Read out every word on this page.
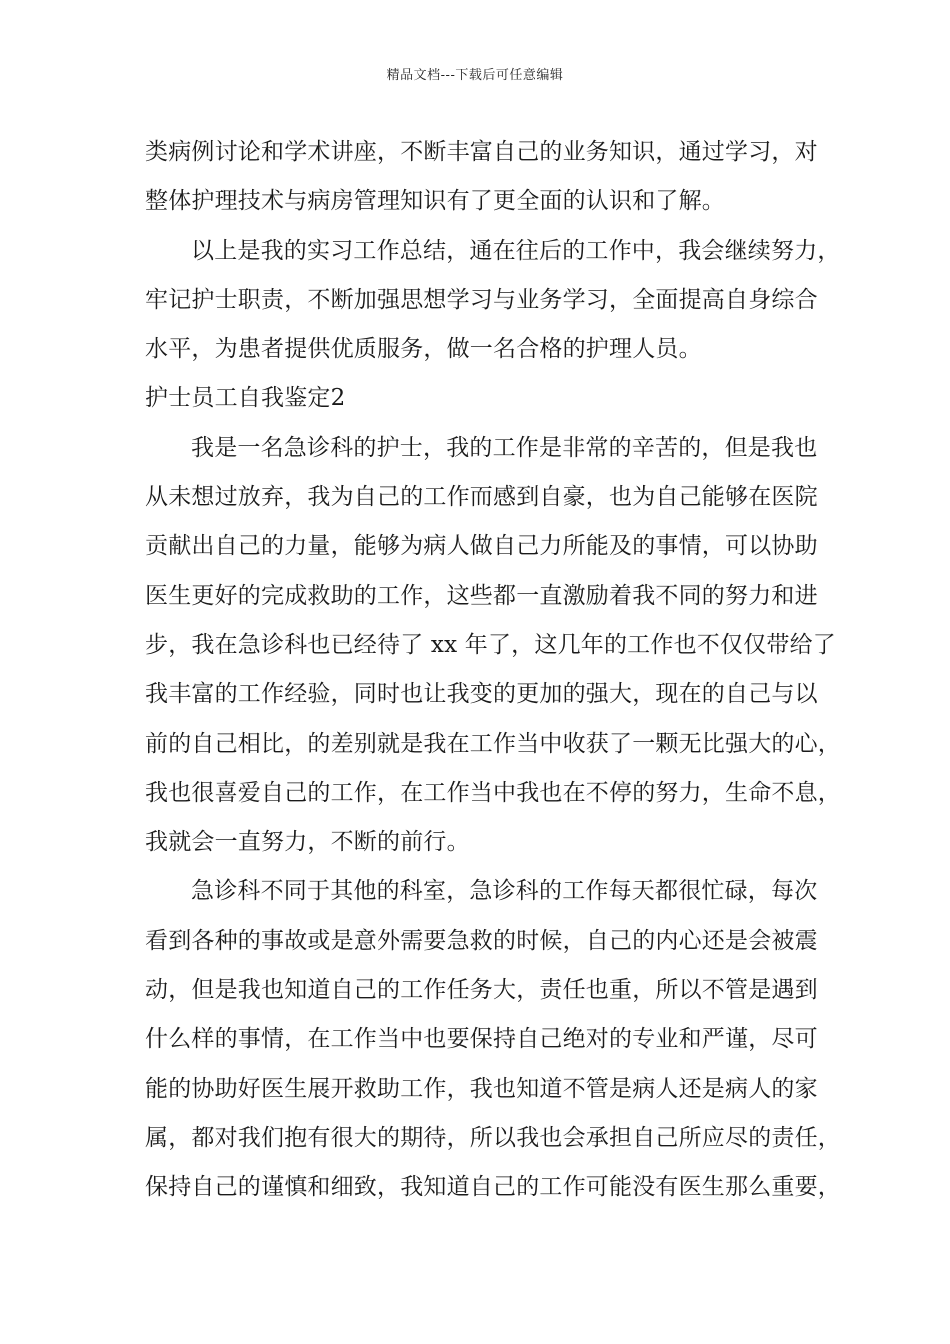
精品文档---下载后可任意编辑
类病例讨论和学术讲座，不断丰富自己的业务知识，通过学习，对
整体护理技术与病房管理知识有了更全面的认识和了解。
以上是我的实习工作总结，通在往后的工作中，我会继续努力，
牢记护士职责，不断加强思想学习与业务学习，全面提高自身综合
水平，为患者提供优质服务，做一名合格的护理人员。
护士员工自我鉴定2
我是一名急诊科的护士，我的工作是非常的辛苦的，但是我也
从未想过放弃，我为自己的工作而感到自豪，也为自己能够在医院
贡献出自己的力量，能够为病人做自己力所能及的事情，可以协助
医生更好的完成救助的工作，这些都一直激励着我不同的努力和进
步，我在急诊科也已经待了 xx 年了，这几年的工作也不仅仅带给了
我丰富的工作经验，同时也让我变的更加的强大，现在的自己与以
前的自己相比，的差别就是我在工作当中收获了一颗无比强大的心，
我也很喜爱自己的工作，在工作当中我也在不停的努力，生命不息，
我就会一直努力，不断的前行。
急诊科不同于其他的科室，急诊科的工作每天都很忙碌，每次
看到各种的事故或是意外需要急救的时候，自己的内心还是会被震
动，但是我也知道自己的工作任务大，责任也重，所以不管是遇到
什么样的事情，在工作当中也要保持自己绝对的专业和严谨，尽可
能的协助好医生展开救助工作，我也知道不管是病人还是病人的家
属，都对我们抱有很大的期待，所以我也会承担自己所应尽的责任，
保持自己的谨慎和细致，我知道自己的工作可能没有医生那么重要，
